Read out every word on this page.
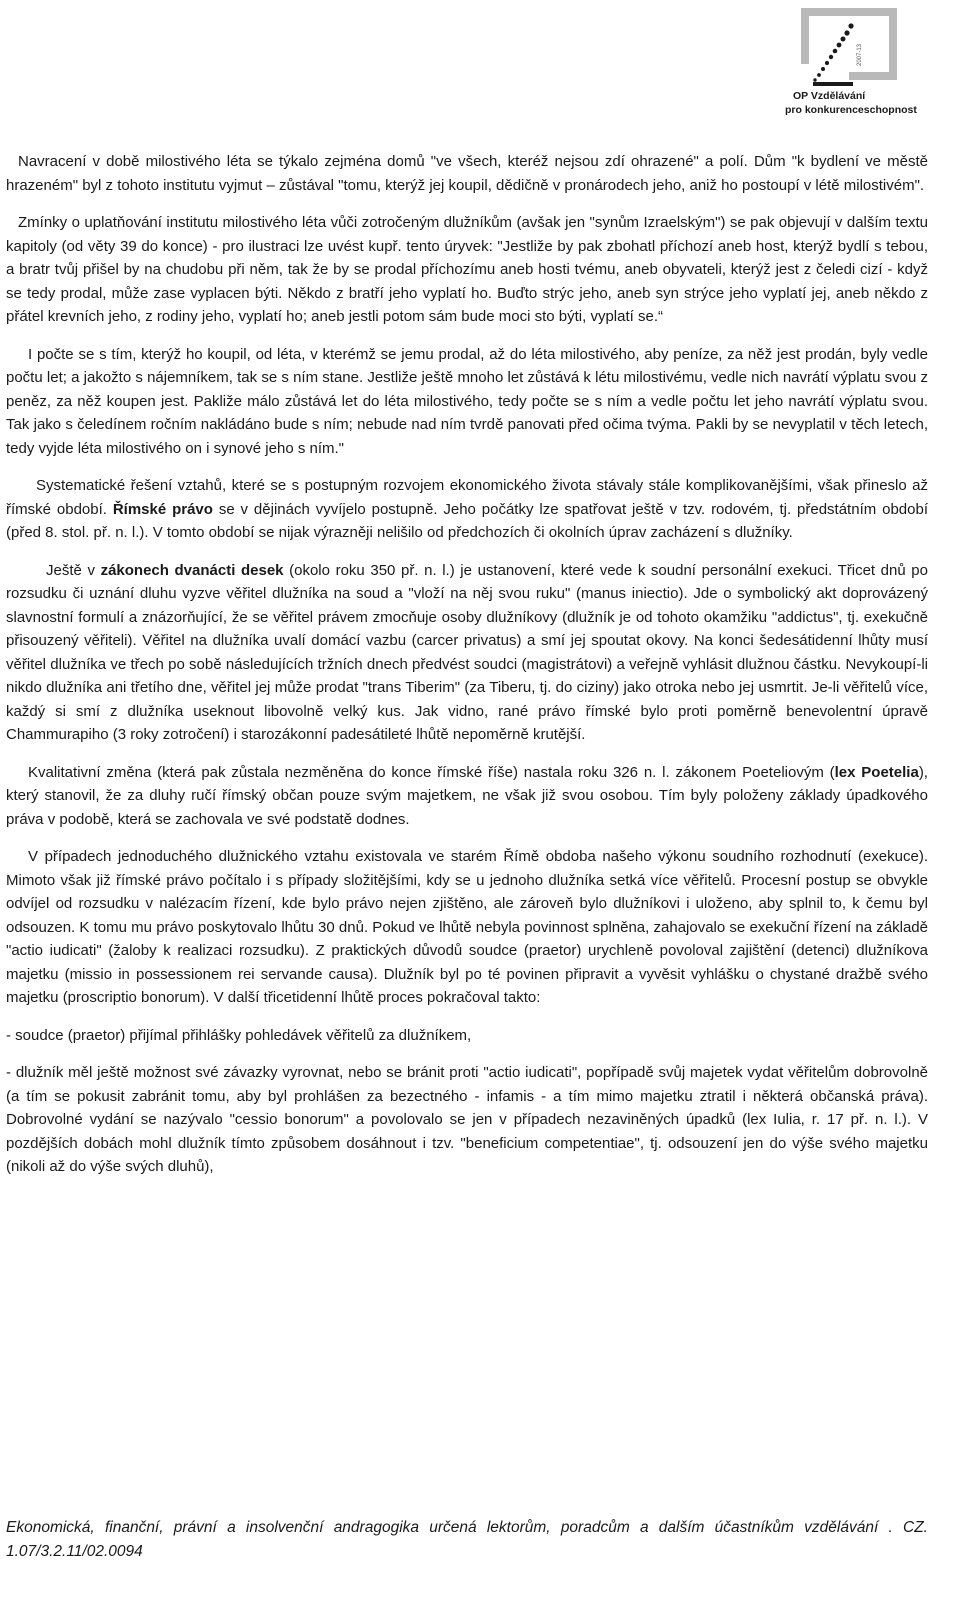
2007-13
OP Vzdělávání
pro konkurenceschopnost

Navracení v době milostivého léta se týkalo zejména domů "ve všech, kteréž nejsou zdí ohrazené" a polí. Dům "k bydlení ve městě hrazeném" byl z tohoto institutu vyjmut – zůstával "tomu, kterýž jej koupil, dědičně v pronárodech jeho, aniž ho postoupí v létě milostivém".

Zmínky o uplatňování institutu milostivého léta vůči zotročeným dlužníkům (avšak jen "synům Izraelským") se pak objevují v dalším textu kapitoly (od věty 39 do konce) - pro ilustraci lze uvést kupř. tento úryvek: "Jestliže by pak zbohatl příchozí aneb host, kterýž bydlí s tebou, a bratr tvůj přišel by na chudobu při něm, tak že by se prodal příchozímu aneb hosti tvému, aneb obyvateli, kterýž jest z čeledi cizí - když se tedy prodal, může zase vyplacen býti. Někdo z bratří jeho vyplatí ho. Buďto strýc jeho, aneb syn strýce jeho vyplatí jej, aneb někdo z přátel krevních jeho, z rodiny jeho, vyplatí ho; aneb jestli potom sám bude moci sto býti, vyplatí se.“

I počte se s tím, kterýž ho koupil, od léta, v kterémž se jemu prodal, až do léta milostivého, aby peníze, za něž jest prodán, byly vedle počtu let; a jakožto s nájemníkem, tak se s ním stane. Jestliže ještě mnoho let zůstává k létu milostivému, vedle nich navrátí výplatu svou z peněz, za něž koupen jest. Pakliže málo zůstává let do léta milostivého, tedy počte se s ním a vedle počtu let jeho navrátí výplatu svou. Tak jako s čeledínem ročním nakládáno bude s ním; nebude nad ním tvrdě panovati před očima tvýma. Pakli by se nevyplatil v těch letech, tedy vyjde léta milostivého on i synové jeho s ním."

Systematické řešení vztahů, které se s postupným rozvojem ekonomického života stávaly stále komplikovanějšími, však přineslo až římské období. Římské právo se v dějinách vyvíjelo postupně. Jeho počátky lze spatřovat ještě v tzv. rodovém, tj. předstátním období (před 8. stol. př. n. l.). V tomto období se nijak výrazněji nelišilo od předchozích či okolních úprav zacházení s dlužníky.

Ještě v zákonech dvanácti desek (okolo roku 350 př. n. l.) je ustanovení, které vede k soudní personální exekuci. Třicet dnů po rozsudku či uznání dluhu vyzve věřitel dlužníka na soud a "vloží na něj svou ruku" (manus iniectio). Jde o symbolický akt doprovázený slavnostní formulí a znázorňující, že se věřitel právem zmocňuje osoby dlužníkovy (dlužník je od tohoto okamžiku "addictus", tj. exekučně přisouzený věřiteli). Věřitel na dlužníka uvalí domácí vazbu (carcer privatus) a smí jej spoutat okovy. Na konci šedesátidenní lhůty musí věřitel dlužníka ve třech po sobě následujících tržních dnech předvést soudci (magistrátovi) a veřejně vyhlásit dlužnou částku. Nevykoupí-li nikdo dlužníka ani třetího dne, věřitel jej může prodat "trans Tiberim" (za Tiberu, tj. do ciziny) jako otroka nebo jej usmrtit. Je-li věřitelů více, každý si smí z dlužníka useknout libovolně velký kus. Jak vidno, rané právo římské bylo proti poměrně benevolentní úpravě Chammurapiho (3 roky zotročení) i starozákonní padesátileté lhůtě nepoměrně krutější.

Kvalitativní změna (která pak zůstala nezměněna do konce římské říše) nastala roku 326 n. l. zákonem Poeteliovým (lex Poetelia), který stanovil, že za dluhy ručí římský občan pouze svým majetkem, ne však již svou osobou. Tím byly položeny základy úpadkového práva v podobě, která se zachovala ve své podstatě dodnes.

V případech jednoduchého dlužnického vztahu existovala ve starém Římě obdoba našeho výkonu soudního rozhodnutí (exekuce). Mimoto však již římské právo počítalo i s případy složitějšími, kdy se u jednoho dlužníka setká více věřitelů. Procesní postup se obvykle odvíjel od rozsudku v nalézacím řízení, kde bylo právo nejen zjištěno, ale zároveň bylo dlužníkovi i uloženo, aby splnil to, k čemu byl odsouzen. K tomu mu právo poskytovalo lhůtu 30 dnů. Pokud ve lhůtě nebyla povinnost splněna, zahajovalo se exekuční řízení na základě "actio iudicati" (žaloby k realizaci rozsudku). Z praktických důvodů soudce (praetor) urychleně povoloval zajištění (detenci) dlužníkova majetku (missio in possessionem rei servande causa). Dlužník byl po té povinen připravit a vyvěsit vyhlášku o chystané dražbě svého majetku (proscriptio bonorum). V další třicetidenní lhůtě proces pokračoval takto:

- soudce (praetor) přijímal přihlášky pohledávek věřitelů za dlužníkem,

- dlužník měl ještě možnost své závazky vyrovnat, nebo se bránit proti "actio iudicati", popřípadě svůj majetek vydat věřitelům dobrovolně (a tím se pokusit zabránit tomu, aby byl prohlášen za bezectného - infamis - a tím mimo majetku ztratil i některá občanská práva). Dobrovolné vydání se nazývalo "cessio bonorum" a povolovalo se jen v případech nezaviněných úpadků (lex Iulia, r. 17 př. n. l.). V pozdějších dobách mohl dlužník tímto způsobem dosáhnout i tzv. "beneficium competentiae", tj. odsouzení jen do výše svého majetku (nikoli až do výše svých dluhů),

Ekonomická, finanční, právní a insolvenční andragogika určená lektorům, poradcům a dalším účastníkům vzdělávání . CZ. 1.07/3.2.11/02.0094
